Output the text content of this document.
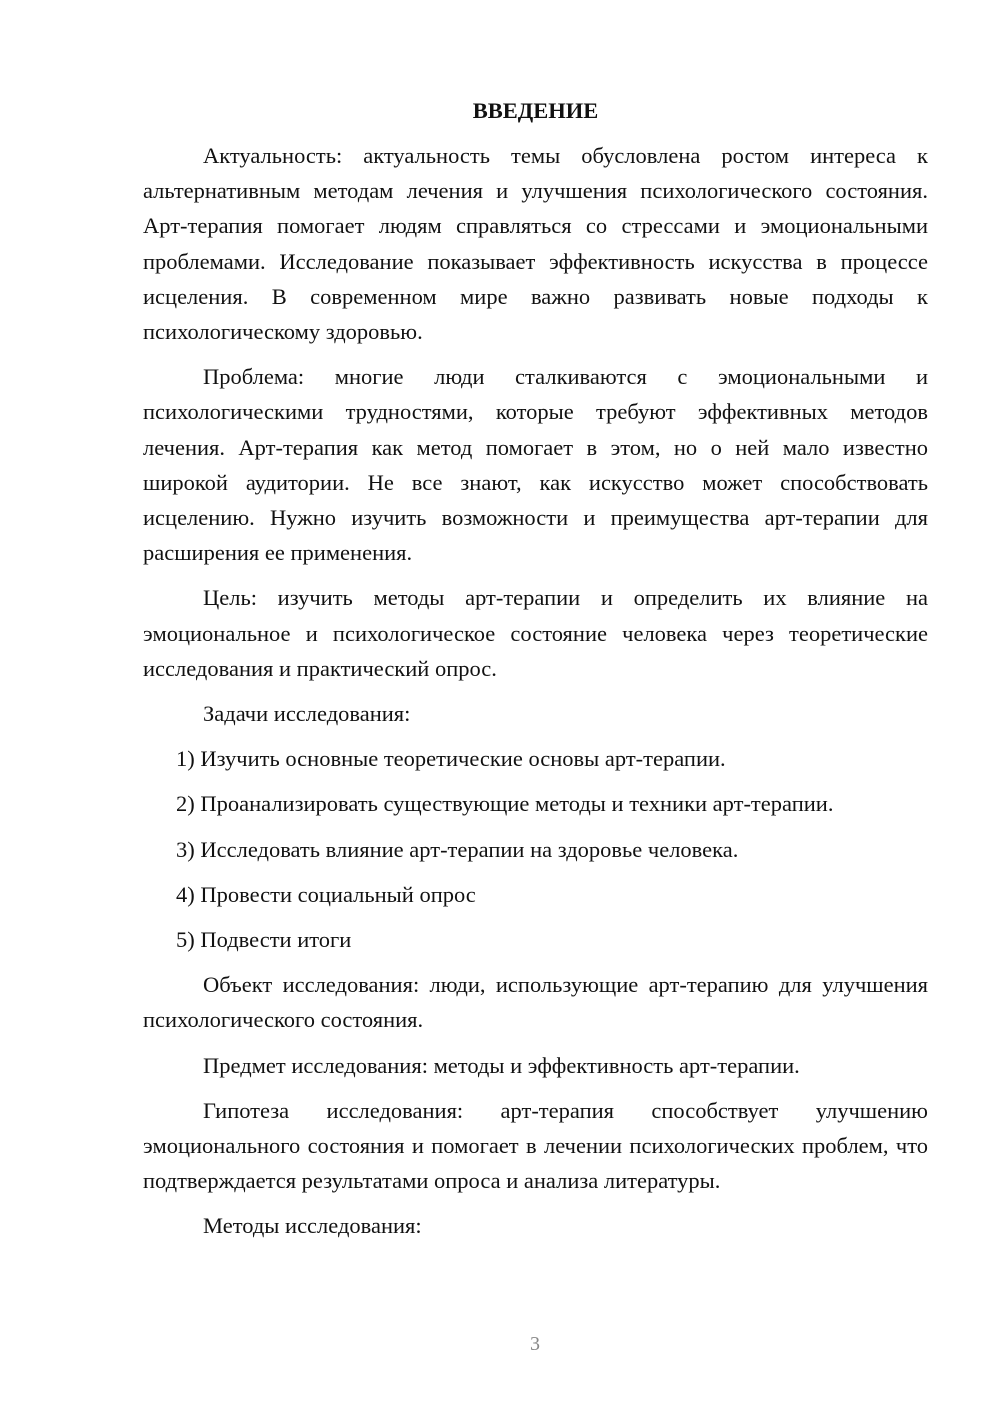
ВВЕДЕНИЕ

Актуальность: актуальность темы обусловлена ростом интереса к альтернативным методам лечения и улучшения психологического состояния. Арт-терапия помогает людям справляться со стрессами и эмоциональными проблемами. Исследование показывает эффективность искусства в процессе исцеления. В современном мире важно развивать новые подходы к психологическому здоровью.

Проблема: многие люди сталкиваются с эмоциональными и психологическими трудностями, которые требуют эффективных методов лечения. Арт-терапия как метод помогает в этом, но о ней мало известно широкой аудитории. Не все знают, как искусство может способствовать исцелению. Нужно изучить возможности и преимущества арт-терапии для расширения ее применения.

Цель: изучить методы арт-терапии и определить их влияние на эмоциональное и психологическое состояние человека через теоретические исследования и практический опрос.

Задачи исследования:

1) Изучить основные теоретические основы арт-терапии.
2) Проанализировать существующие методы и техники арт-терапии.
3) Исследовать влияние арт-терапии на здоровье человека.
4) Провести социальный опрос
5) Подвести итоги

Объект исследования: люди, использующие арт-терапию для улучшения психологического состояния.

Предмет исследования: методы и эффективность арт-терапии.

Гипотеза исследования: арт-терапия способствует улучшению эмоционального состояния и помогает в лечении психологических проблем, что подтверждается результатами опроса и анализа литературы.

Методы исследования:

3
